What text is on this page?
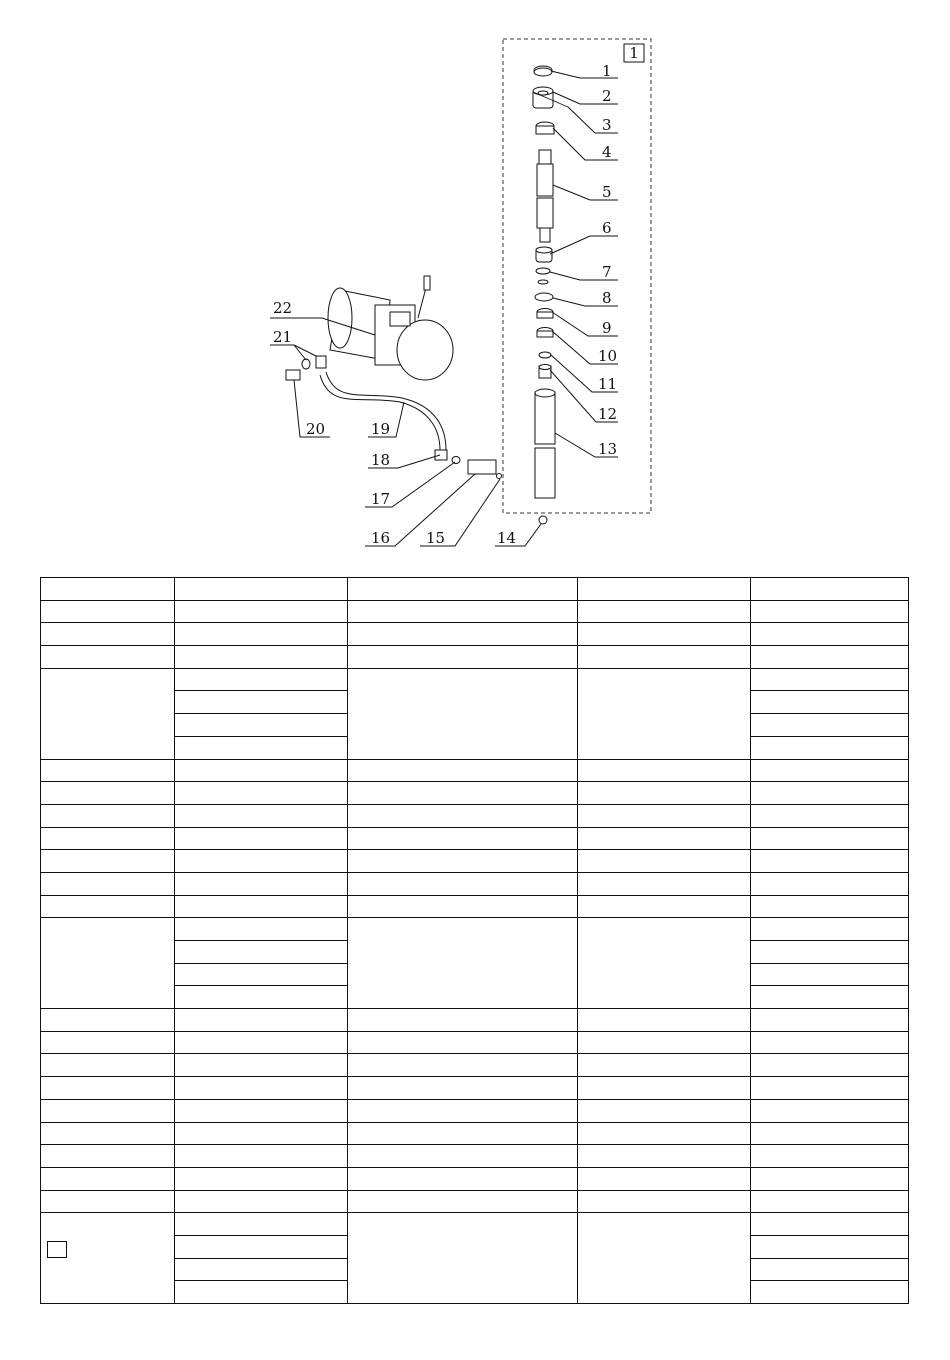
1
1
2
3
4
5
6
7
8
9
10
11
12
13
14
15
16
17
18
19
20
21
22
